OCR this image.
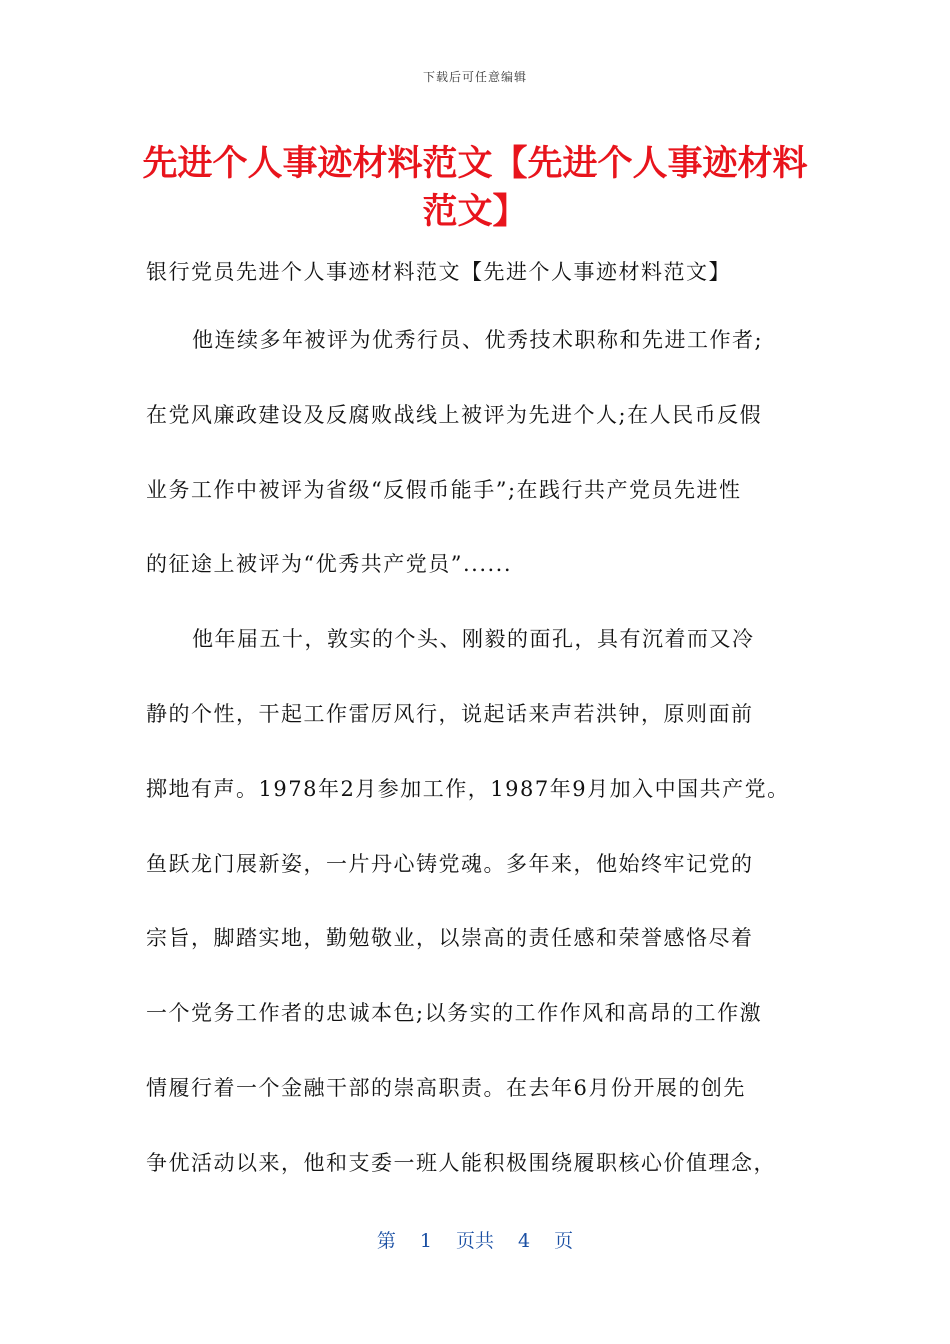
下载后可任意编辑
先进个人事迹材料范文【先进个人事迹材料范文】

银行党员先进个人事迹材料范文【先进个人事迹材料范文】

他连续多年被评为优秀行员、优秀技术职称和先进工作者;
在党风廉政建设及反腐败战线上被评为先进个人;在人民币反假
业务工作中被评为省级“反假币能手”;在践行共产党员先进性
的征途上被评为“优秀共产党员”......
他年届五十，敦实的个头、刚毅的面孔，具有沉着而又冷
静的个性，干起工作雷厉风行，说起话来声若洪钟，原则面前
掷地有声。1978年2月参加工作，1987年9月加入中国共产党。
鱼跃龙门展新姿，一片丹心铸党魂。多年来，他始终牢记党的
宗旨，脚踏实地，勤勉敬业，以崇高的责任感和荣誉感恪尽着
一个党务工作者的忠诚本色;以务实的工作作风和高昂的工作激
情履行着一个金融干部的崇高职责。在去年6月份开展的创先
争优活动以来，他和支委一班人能积极围绕履职核心价值理念，
第 1 页共 4 页
